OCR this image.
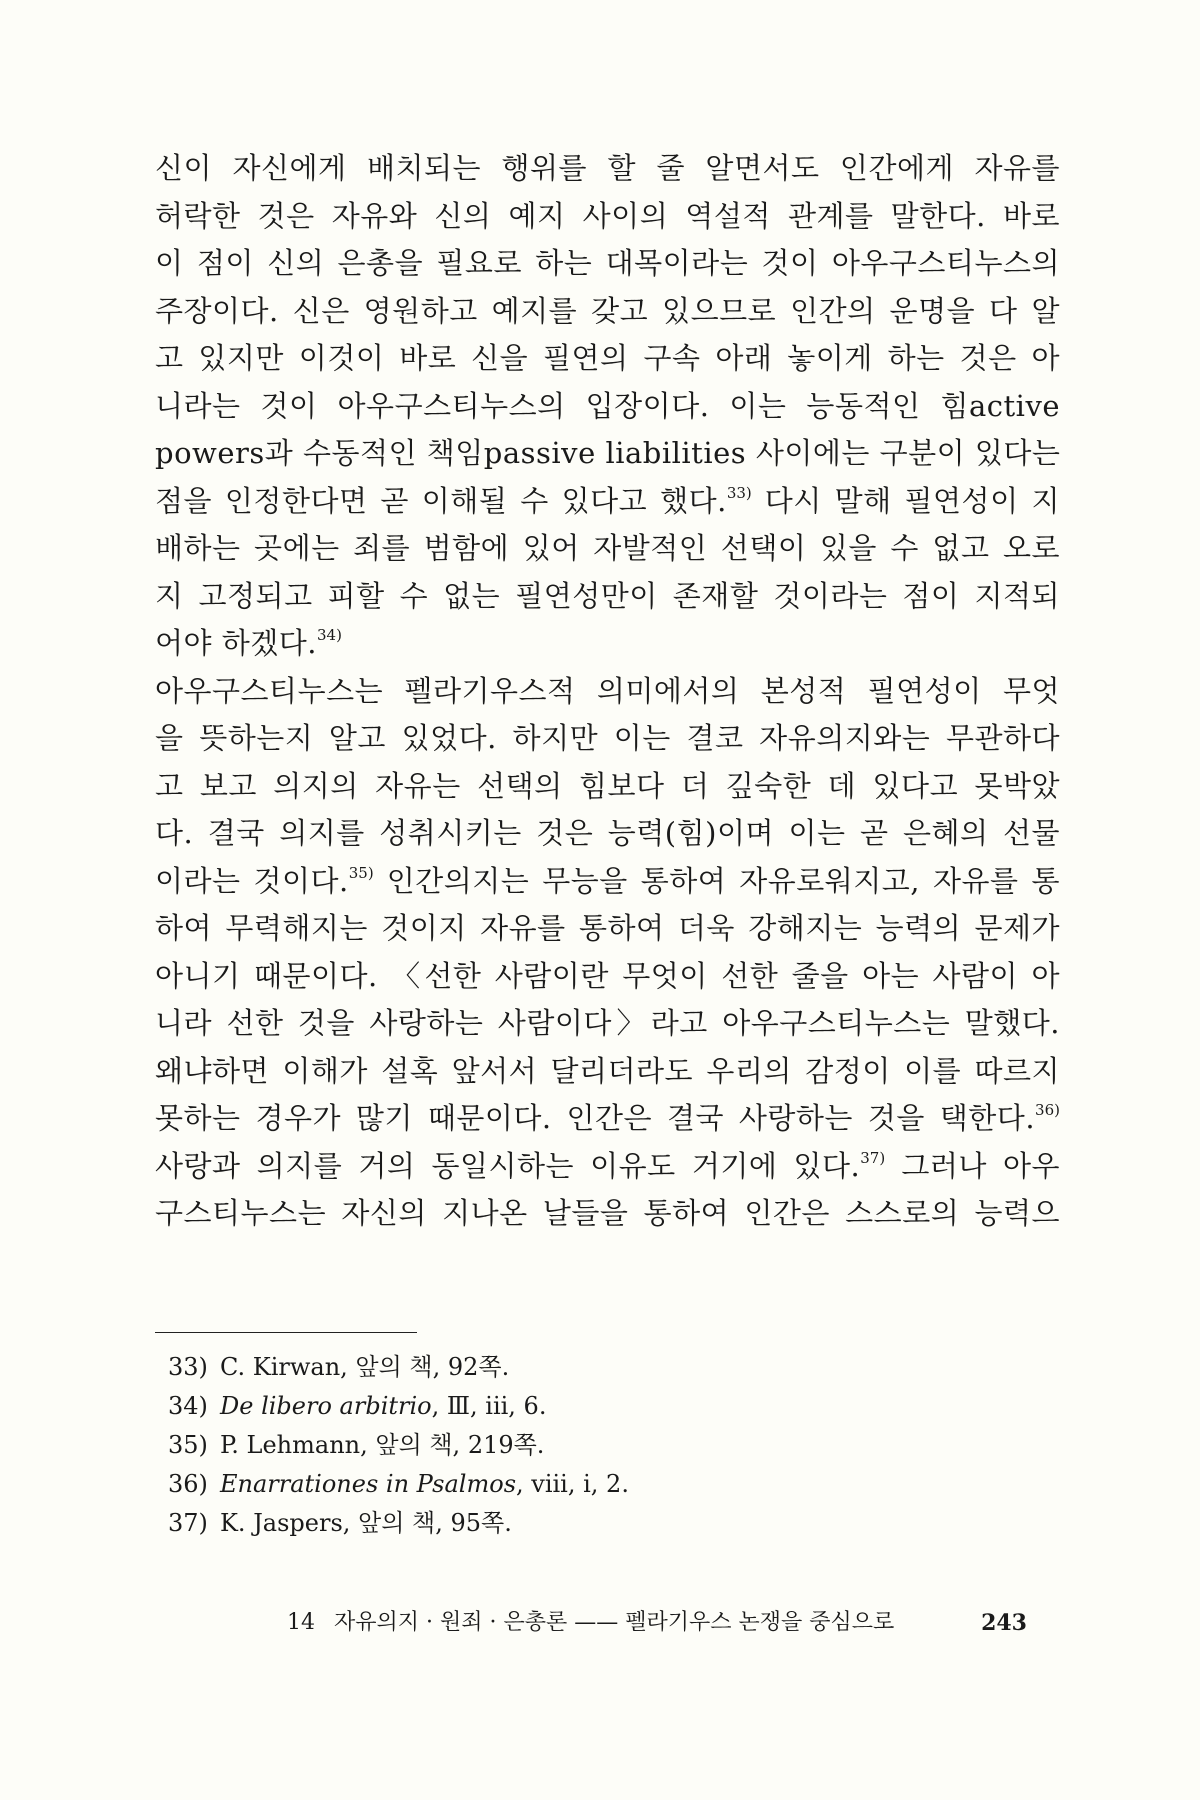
신이 자신에게 배치되는 행위를 할 줄 알면서도 인간에게 자유를
허락한 것은 자유와 신의 예지 사이의 역설적 관계를 말한다. 바로
이 점이 신의 은총을 필요로 하는 대목이라는 것이 아우구스티누스의
주장이다. 신은 영원하고 예지를 갖고 있으므로 인간의 운명을 다 알
고 있지만 이것이 바로 신을 필연의 구속 아래 놓이게 하는 것은 아
니라는 것이 아우구스티누스의 입장이다. 이는 능동적인 힘active
powers과 수동적인 책임passive liabilities 사이에는 구분이 있다는
점을 인정한다면 곧 이해될 수 있다고 했다.$^{33)}$ 다시 말해 필연성이 지
배하는 곳에는 죄를 범함에 있어 자발적인 선택이 있을 수 없고 오로
지 고정되고 피할 수 없는 필연성만이 존재할 것이라는 점이 지적되
어야 하겠다.$^{34)}$
아우구스티누스는 펠라기우스적 의미에서의 본성적 필연성이 무엇
을 뜻하는지 알고 있었다. 하지만 이는 결코 자유의지와는 무관하다
고 보고 의지의 자유는 선택의 힘보다 더 깊숙한 데 있다고 못박았
다. 결국 의지를 성취시키는 것은 능력(힘)이며 이는 곧 은혜의 선물
이라는 것이다.$^{35)}$ 인간의지는 무능을 통하여 자유로워지고, 자유를 통
하여 무력해지는 것이지 자유를 통하여 더욱 강해지는 능력의 문제가
아니기 때문이다. 〈선한 사람이란 무엇이 선한 줄을 아는 사람이 아
니라 선한 것을 사랑하는 사람이다〉라고 아우구스티누스는 말했다.
왜냐하면 이해가 설혹 앞서서 달리더라도 우리의 감정이 이를 따르지
못하는 경우가 많기 때문이다. 인간은 결국 사랑하는 것을 택한다.$^{36)}$
사랑과 의지를 거의 동일시하는 이유도 거기에 있다.$^{37)}$ 그러나 아우
구스티누스는 자신의 지나온 날들을 통하여 인간은 스스로의 능력으
33) C. Kirwan, 앞의 책, 92쪽.
34) De libero arbitrio, Ⅲ, iii, 6.
35) P. Lehmann, 앞의 책, 219쪽.
36) Enarrationes in Psalmos, viii, ⅰ, 2.
37) K. Jaspers, 앞의 책, 95쪽.
14 자유의지 · 원죄 · 은총론 —— 펠라기우스 논쟁을 중심으로	243
